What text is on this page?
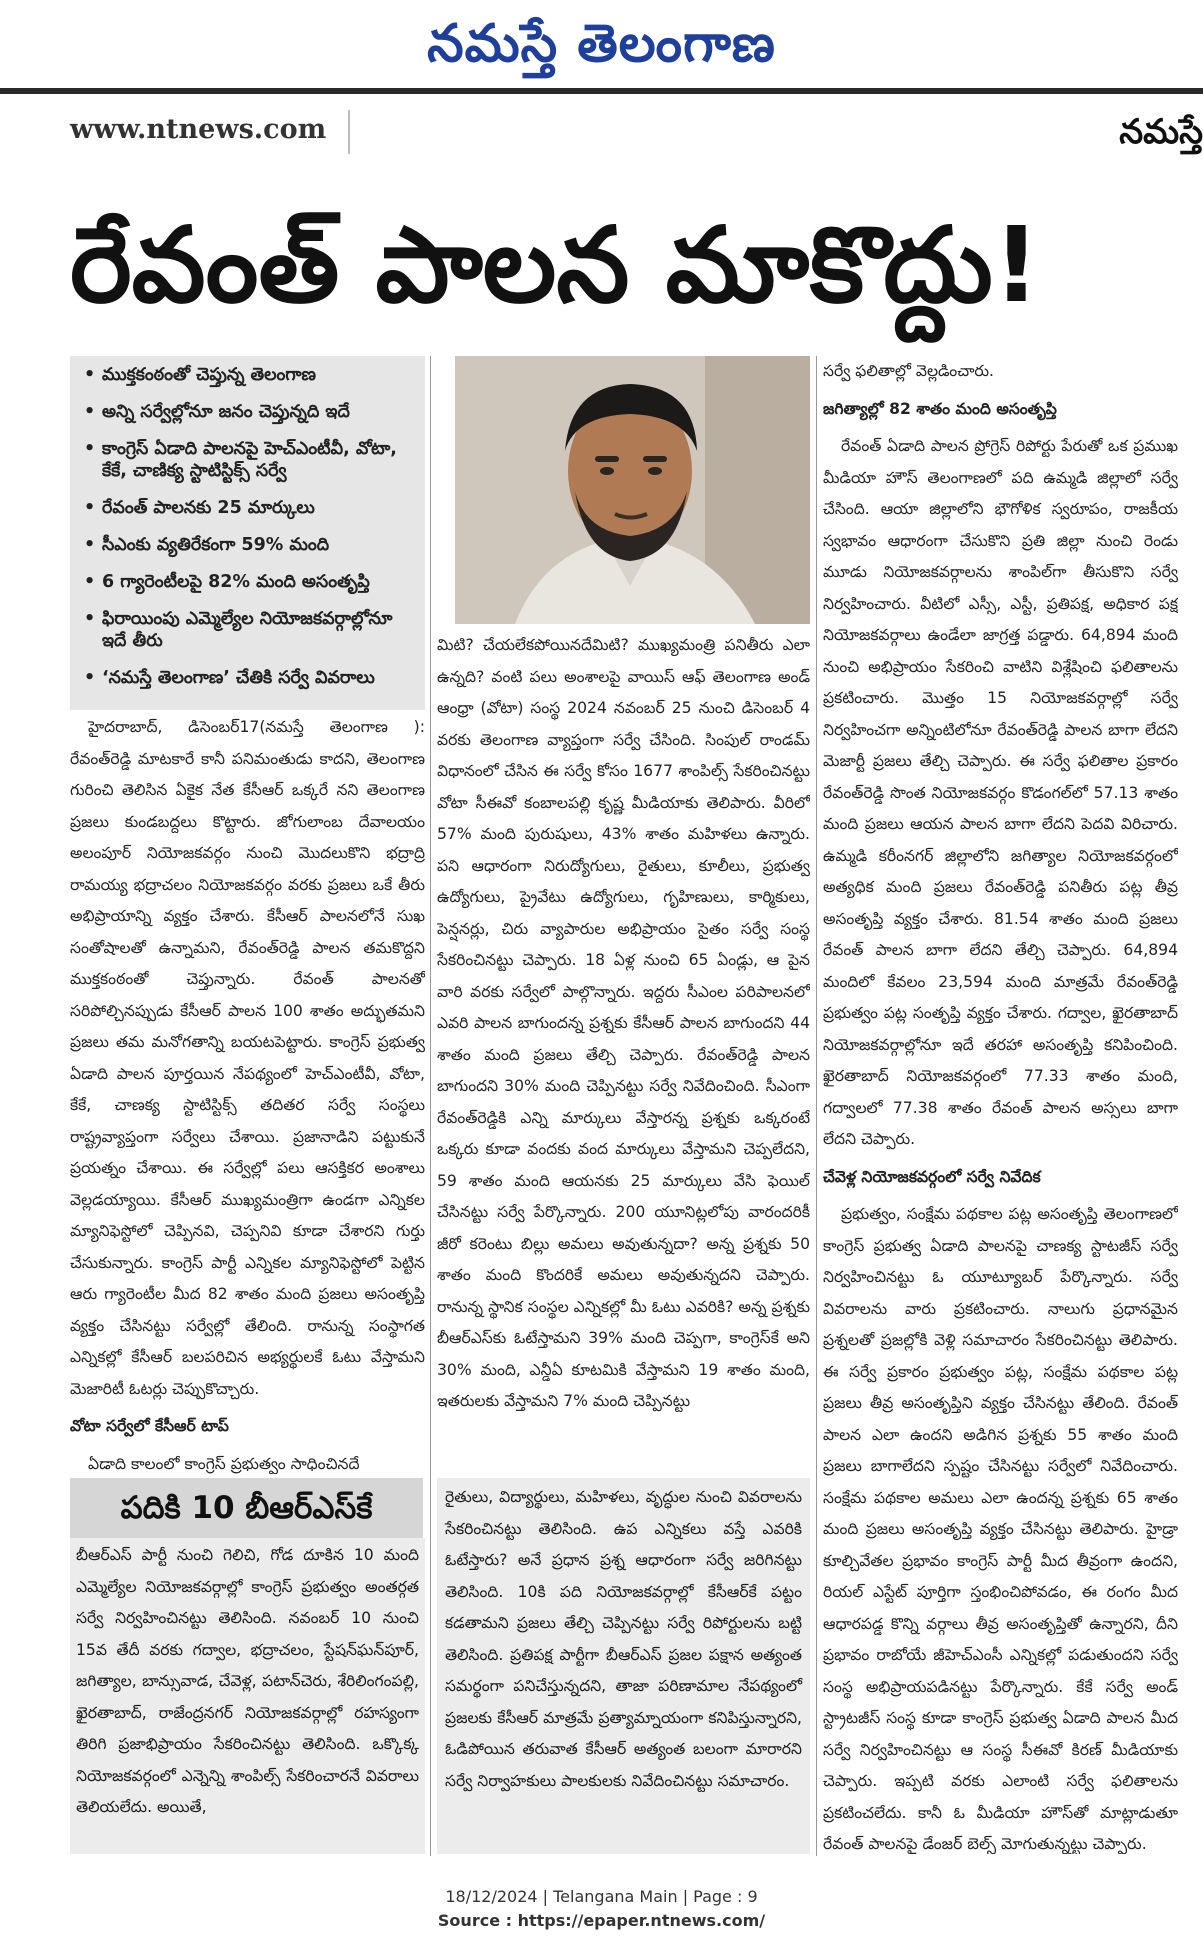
నమస్తే తెలంగాణ
www.ntnews.com	నమస్తే
రేవంత్ పాలన మాకొద్దు!
• ముక్తకంఠంతో చెప్తున్న తెలంగాణ
• అన్ని సర్వేల్లోనూ జనం చెప్తున్నది ఇదే
• కాంగ్రెస్ ఏడాది పాలనపై హెచ్‌ఎంటీవీ, వోటా, కేకే, చాణిక్య స్టాటిస్టిక్స్ సర్వే
• రేవంత్ పాలనకు 25 మార్కులు
• సీఎంకు వ్యతిరేకంగా 59% మంది
• 6 గ్యారెంటీలపై 82% మంది అసంతృప్తి
• ఫిరాయింపు ఎమ్మెల్యేల నియోజకవర్గాల్లోనూ ఇదే తీరు
• ‘నమస్తే తెలంగాణ’ చేతికి సర్వే వివరాలు

హైదరాబాద్, డిసెంబర్17(నమస్తే తెలంగాణ ): రేవంత్‌రెడ్డి మాటకారే కానీ పనిమంతుడు కాదని, తెలంగాణ గురించి తెలిసిన ఏకైక నేత కేసీఆర్ ఒక్కరే నని తెలంగాణ ప్రజలు కుండబద్దలు కొట్టారు. జోగులాంబ దేవాలయం అలంపూర్ నియోజకవర్గం నుంచి మొదలుకొని భద్రాద్రి రామయ్య భద్రాచలం నియోజకవర్గం వరకు ప్రజలు ఒకే తీరు అభిప్రాయాన్ని వ్యక్తం చేశారు. కేసీఆర్ పాలనలోనే సుఖ సంతోషాలతో ఉన్నామని, రేవంత్‌రెడ్డి పాలన తమకొద్దని ముక్తకంఠంతో చెప్తున్నారు. రేవంత్ పాలనతో సరిపోల్చినప్పుడు కేసీఆర్ పాలన 100 శాతం అద్భుతమని ప్రజలు తమ మనోగతాన్ని బయటపెట్టారు. కాంగ్రెస్ ప్రభుత్వ ఏడాది పాలన పూర్తయిన నేపథ్యంలో హెచ్‌ఎంటీవీ, వోటా, కేకే, చాణక్య స్టాటిస్టిక్స్ తదితర సర్వే సంస్థలు రాష్ట్రవ్యాప్తంగా సర్వేలు చేశాయి. ప్రజానాడిని పట్టుకునే ప్రయత్నం చేశాయి. ఈ సర్వేల్లో పలు ఆసక్తికర అంశాలు వెల్లడయ్యాయి. కేసీఆర్ ముఖ్యమంత్రిగా ఉండగా ఎన్నికల మ్యానిఫెస్టోలో చెప్పినవి, చెప్పనివి కూడా చేశారని గుర్తు చేసుకున్నారు. కాంగ్రెస్ పార్టీ ఎన్నికల మ్యానిఫెస్టోలో పెట్టిన ఆరు గ్యారెంటీల మీద 82 శాతం మంది ప్రజలు అసంతృప్తి వ్యక్తం చేసినట్టు సర్వేల్లో తేలింది. రానున్న సంస్థాగత ఎన్నికల్లో కేసీఆర్ బలపరిచిన అభ్యర్థులకే ఓటు వేస్తామని మెజారిటీ ఓటర్లు చెప్పుకొచ్చారు.

వోటా సర్వేలో కేసీఆర్ టాప్

ఏడాది కాలంలో కాంగ్రెస్ ప్రభుత్వం సాధించినదే

మిటి? చేయలేకపోయినదేమిటి? ముఖ్యమంత్రి పనితీరు ఎలా ఉన్నది? వంటి పలు అంశాలపై వాయిస్ ఆఫ్ తెలంగాణ అండ్ ఆంధ్రా (వోటా) సంస్థ 2024 నవంబర్ 25 నుంచి డిసెంబర్ 4 వరకు తెలంగాణ వ్యాప్తంగా సర్వే చేసింది. సింపుల్ రాండమ్ విధానంలో చేసిన ఈ సర్వే కోసం 1677 శాంపిల్స్ సేకరించినట్టు వోటా సీఈవో కంబాలపల్లి కృష్ణ మీడియాకు తెలిపారు. వీరిలో 57% మంది పురుషులు, 43% శాతం మహిళలు ఉన్నారు. పని ఆధారంగా నిరుద్యోగులు, రైతులు, కూలీలు, ప్రభుత్వ ఉద్యోగులు, ప్రైవేటు ఉద్యోగులు, గృహిణులు, కార్మికులు, పెన్షనర్లు, చిరు వ్యాపారుల అభిప్రాయం సైతం సర్వే సంస్థ సేకరించినట్టు చెప్పారు. 18 ఏళ్ల నుంచి 65 ఏండ్లు, ఆ పైన వారి వరకు సర్వేలో పాల్గొన్నారు. ఇద్దరు సీఎంల పరిపాలనలో ఎవరి పాలన బాగుందన్న ప్రశ్నకు కేసీఆర్ పాలన బాగుందని 44 శాతం మంది ప్రజలు తేల్చి చెప్పారు. రేవంత్‌రెడ్డి పాలన బాగుందని 30% మంది చెప్పినట్టు సర్వే నివేదించింది. సీఎంగా రేవంత్‌రెడ్డికి ఎన్ని మార్కులు వేస్తారన్న ప్రశ్నకు ఒక్కరంటే ఒక్కరు కూడా వందకు వంద మార్కులు వేస్తామని చెప్పలేదని, 59 శాతం మంది ఆయనకు 25 మార్కులు వేసి ఫెయిల్ చేసినట్టు సర్వే పేర్కొన్నారు. 200 యూనిట్లలోపు వారందరికీ జీరో కరెంటు బిల్లు అమలు అవుతున్నదా? అన్న ప్రశ్నకు 50 శాతం మంది కొందరికే అమలు అవుతున్నదని చెప్పారు. రానున్న స్థానిక సంస్థల ఎన్నికల్లో మీ ఓటు ఎవరికి? అన్న ప్రశ్నకు బీఆర్‌ఎస్‌కు ఓటేస్తామని 39% మంది చెప్పగా, కాంగ్రెస్‌కే అని 30% మంది, ఎన్డీఏ కూటమికి వేస్తామని 19 శాతం మంది, ఇతరులకు వేస్తామని 7% మంది చెప్పినట్టు

సర్వే ఫలితాల్లో వెల్లడించారు.

జగిత్యాల్లో 82 శాతం మంది అసంతృప్తి

రేవంత్ ఏడాది పాలన ప్రోగ్రెస్ రిపోర్టు పేరుతో ఒక ప్రముఖ మీడియా హౌస్ తెలంగాణలో పది ఉమ్మడి జిల్లాలో సర్వే చేసింది. ఆయా జిల్లాలోని భౌగోళిక స్వరూపం, రాజకీయ స్వభావం ఆధారంగా చేసుకొని ప్రతి జిల్లా నుంచి రెండు మూడు నియోజకవర్గాలను శాంపిల్‌గా తీసుకొని సర్వే నిర్వహించారు. వీటిలో ఎస్సీ, ఎస్టీ, ప్రతిపక్ష, అధికార పక్ష నియోజకవర్గాలు ఉండేలా జాగ్రత్త పడ్డారు. 64,894 మంది నుంచి అభిప్రాయం సేకరించి వాటిని విశ్లేషించి ఫలితాలను ప్రకటించారు. మొత్తం 15 నియోజకవర్గాల్లో సర్వే నిర్వహించగా అన్నింటిలోనూ రేవంత్‌రెడ్డి పాలన బాగా లేదని మెజార్టీ ప్రజలు తేల్చి చెప్పారు. ఈ సర్వే ఫలితాల ప్రకారం రేవంత్‌రెడ్డి సొంత నియోజకవర్గం కొడంగల్‌లో 57.13 శాతం మంది ప్రజలు ఆయన పాలన బాగా లేదని పెదవి విరిచారు. ఉమ్మడి కరీంనగర్ జిల్లాలోని జగిత్యాల నియోజకవర్గంలో అత్యధిక మంది ప్రజలు రేవంత్‌రెడ్డి పనితీరు పట్ల తీవ్ర అసంతృప్తి వ్యక్తం చేశారు. 81.54 శాతం మంది ప్రజలు రేవంత్ పాలన బాగా లేదని తేల్చి చెప్పారు. 64,894 మందిలో కేవలం 23,594 మంది మాత్రమే రేవంత్‌రెడ్డి ప్రభుత్వం పట్ల సంతృప్తి వ్యక్తం చేశారు. గద్వాల, ఖైరతాబాద్ నియోజకవర్గాల్లోనూ ఇదే తరహా అసంతృప్తి కనిపించింది. ఖైరతాబాద్ నియోజకవర్గంలో 77.33 శాతం మంది, గద్వాలలో 77.38 శాతం రేవంత్ పాలన అస్సలు బాగా లేదని చెప్పారు.

చేవెళ్ల నియోజకవర్గంలో సర్వే నివేదిక

ప్రభుత్వం, సంక్షేమ పథకాల పట్ల అసంతృప్తి తెలంగాణలో కాంగ్రెస్ ప్రభుత్వ ఏడాది పాలనపై చాణక్య స్టాటజీస్ సర్వే నిర్వహించినట్టు ఓ యూట్యూబర్ పేర్కొన్నారు. సర్వే వివరాలను వారు ప్రకటించారు. నాలుగు ప్రధానమైన ప్రశ్నలతో ప్రజల్లోకి వెళ్లి సమాచారం సేకరించినట్టు తెలిపారు. ఈ సర్వే ప్రకారం ప్రభుత్వం పట్ల, సంక్షేమ పథకాల పట్ల ప్రజలు తీవ్ర అసంతృప్తిని వ్యక్తం చేసినట్టు తేలింది. రేవంత్ పాలన ఎలా ఉందని అడిగిన ప్రశ్నకు 55 శాతం మంది ప్రజలు బాగాలేదని స్పష్టం చేసినట్టు సర్వేలో నివేదించారు. సంక్షేమ పథకాల అమలు ఎలా ఉందన్న ప్రశ్నకు 65 శాతం మంది ప్రజలు అసంతృప్తి వ్యక్తం చేసినట్టు తెలిపారు. హైడ్రా కూల్చివేతల ప్రభావం కాంగ్రెస్ పార్టీ మీద తీవ్రంగా ఉందని, రియల్ ఎస్టేట్ పూర్తిగా స్తంభించిపోవడం, ఈ రంగం మీద ఆధారపడ్డ కొన్ని వర్గాలు తీవ్ర అసంతృప్తితో ఉన్నారని, దీని ప్రభావం రాబోయే జీహెచ్‌ఎంసీ ఎన్నికల్లో పడుతుందని సర్వే సంస్థ అభిప్రాయపడినట్టు పేర్కొన్నారు. కేకే సర్వే అండ్ స్ట్రాటజీస్ సంస్థ కూడా కాంగ్రెస్ ప్రభుత్వ ఏడాది పాలన మీద సర్వే నిర్వహించినట్టు ఆ సంస్థ సీఈవో కిరణ్ మీడియాకు చెప్పారు. ఇప్పటి వరకు ఎలాంటి సర్వే ఫలితాలను ప్రకటించలేదు. కానీ ఓ మీడియా హౌస్‌తో మాట్లాడుతూ రేవంత్ పాలనపై డేంజర్ బెల్స్ మోగుతున్నట్టు చెప్పారు.

పదికి 10 బీఆర్‌ఎస్‌కే

బీఆర్‌ఎస్ పార్టీ నుంచి గెలిచి, గోడ దూకిన 10 మంది ఎమ్మెల్యేల నియోజకవర్గాల్లో కాంగ్రెస్ ప్రభుత్వం అంతర్గత సర్వే నిర్వహించినట్టు తెలిసింది. నవంబర్ 10 నుంచి 15వ తేదీ వరకు గద్వాల, భద్రాచలం, స్టేషన్‌ఘన్‌పూర్, జగిత్యాల, బాన్సువాడ, చేవెళ్ల, పటాన్‌చెరు, శేరిలింగంపల్లి, ఖైరతాబాద్, రాజేంద్రనగర్ నియోజకవర్గాల్లో రహస్యంగా తిరిగి ప్రజాభిప్రాయం సేకరించినట్టు తెలిసింది. ఒక్కొక్క నియోజకవర్గంలో ఎన్నెన్ని శాంపిల్స్ సేకరించారనే వివరాలు తెలియలేదు. అయితే,

రైతులు, విద్యార్థులు, మహిళలు, వృద్ధుల నుంచి వివరాలను సేకరించినట్టు తెలిసింది. ఉప ఎన్నికలు వస్తే ఎవరికి ఓటేస్తారు? అనే ప్రధాన ప్రశ్న ఆధారంగా సర్వే జరిగినట్టు తెలిసింది. 10కి పది నియోజకవర్గాల్లో కేసీఆర్‌కే పట్టం కడతామని ప్రజలు తేల్చి చెప్పినట్టు సర్వే రిపోర్టులను బట్టి తెలిసింది. ప్రతిపక్ష పార్టీగా బీఆర్‌ఎస్ ప్రజల పక్షాన అత్యంత సమర్థంగా పనిచేస్తున్నదని, తాజా పరిణామాల నేపథ్యంలో ప్రజలకు కేసీఆర్ మాత్రమే ప్రత్యామ్నాయంగా కనిపిస్తున్నారని, ఓడిపోయిన తరువాత కేసీఆర్ అత్యంత బలంగా మారారని సర్వే నిర్వాహకులు పాలకులకు నివేదించినట్టు సమాచారం.

18/12/2024 | Telangana Main | Page : 9
Source : https://epaper.ntnews.com/
